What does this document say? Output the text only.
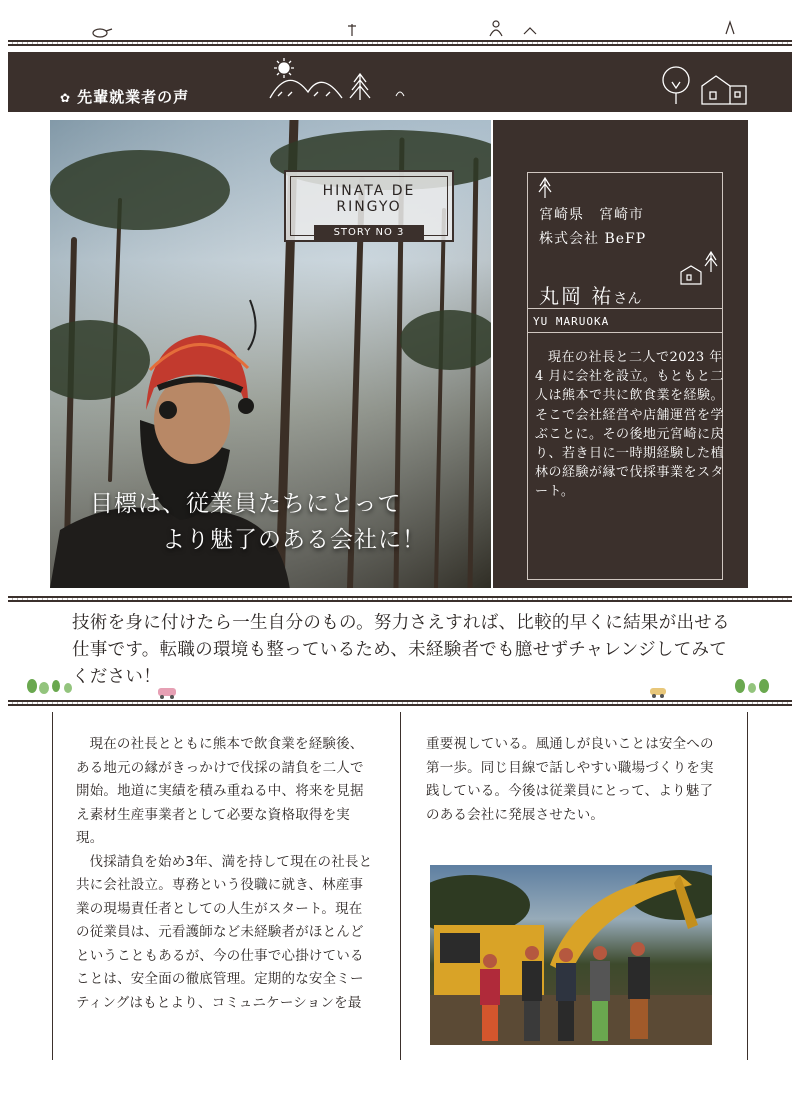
✿ 先輩就業者の声
HINATA DE RINGYO
STORY NO 3
目標は、従業員たちにとって
より魅了のある会社に！
宮崎県　宮崎市
株式会社 BeFP
丸岡 祐さん
YU MARUOKA
現在の社長と二人で2023 年 4 月に会社を設立。もともと二人は熊本で共に飲食業を経験。そこで会社経営や店舗運営を学ぶことに。その後地元宮崎に戻り、若き日に一時期経験した植林の経験が縁で伐採事業をスタート。
技術を身に付けたら一生自分のもの。努力さえすれば、比較的早くに結果が出せる仕事です。転職の環境も整っているため、未経験者でも臆せずチャレンジしてみてください！

現在の社長とともに熊本で飲食業を経験後、ある地元の縁がきっかけで伐採の請負を二人で開始。地道に実績を積み重ねる中、将来を見据え素材生産事業者として必要な資格取得を実現。

伐採請負を始め3年、満を持して現在の社長と共に会社設立。専務という役職に就き、林産事業の現場責任者としての人生がスタート。現在の従業員は、元看護師など未経験者がほとんどということもあるが、今の仕事で心掛けていることは、安全面の徹底管理。定期的な安全ミーティングはもとより、コミュニケーションを最

重要視している。風通しが良いことは安全への第一歩。同じ目線で話しやすい職場づくりを実践している。今後は従業員にとって、より魅了のある会社に発展させたい。
